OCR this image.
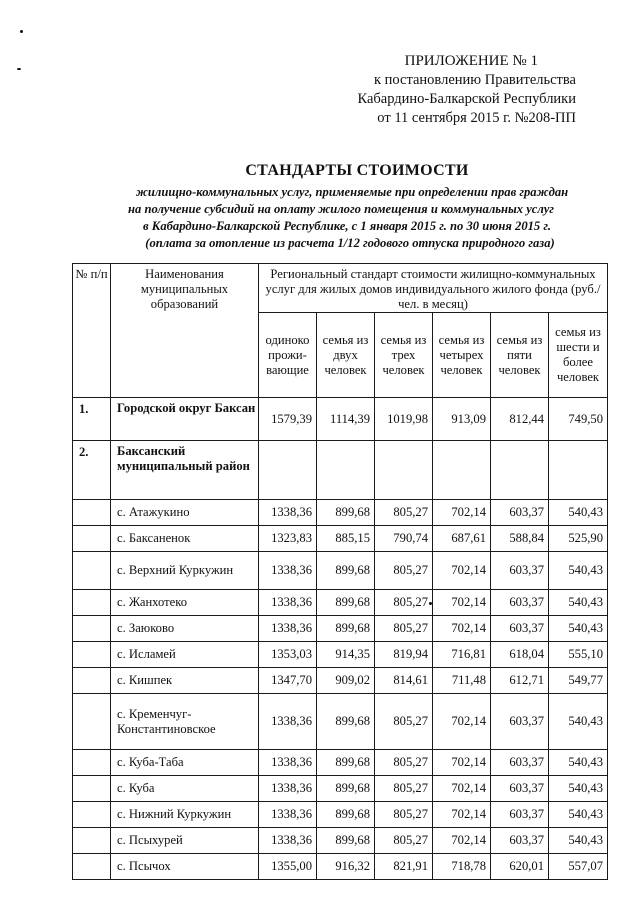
ПРИЛОЖЕНИЕ № 1
к постановлению Правительства
Кабардино-Балкарской Республики
от 11 сентября 2015 г. №208-ПП
СТАНДАРТЫ СТОИМОСТИ
жилищно-коммунальных услуг, применяемые при определении прав граждан
на получение субсидий на оплату жилого помещения и коммунальных услуг
в Кабардино-Балкарской Республике, с 1 января 2015 г. по 30 июня 2015 г.
(оплата за отопление из расчета 1/12 годового отпуска природного газа)
№ п/п	Наименования муниципальных образований	Региональный стандарт стоимости жилищно-коммунальных услуг для жилых домов индивидуального жилого фонда (руб./чел. в месяц)					
		одиноко прожи-вающие	семья из двух человек	семья из трех человек	семья из четырех человек	семья из пяти человек	семья из шести и более человек
1.	Городской округ Баксан	1579,39	1114,39	1019,98	913,09	812,44	749,50
2.	Баксанский муниципальный район						
	с. Атажукино	1338,36	899,68	805,27	702,14	603,37	540,43
	с. Баксаненок	1323,83	885,15	790,74	687,61	588,84	525,90
	с. Верхний Куркужин	1338,36	899,68	805,27	702,14	603,37	540,43
	с. Жанхотеко	1338,36	899,68	805,27	702,14	603,37	540,43
	с. Заюково	1338,36	899,68	805,27	702,14	603,37	540,43
	с. Исламей	1353,03	914,35	819,94	716,81	618,04	555,10
	с. Кишпек	1347,70	909,02	814,61	711,48	612,71	549,77
	с. Кременчуг-Константиновское	1338,36	899,68	805,27	702,14	603,37	540,43
	с. Куба-Таба	1338,36	899,68	805,27	702,14	603,37	540,43
	с. Куба	1338,36	899,68	805,27	702,14	603,37	540,43
	с. Нижний Куркужин	1338,36	899,68	805,27	702,14	603,37	540,43
	с. Псыхурей	1338,36	899,68	805,27	702,14	603,37	540,43
	с. Псычох	1355,00	916,32	821,91	718,78	620,01	557,07
